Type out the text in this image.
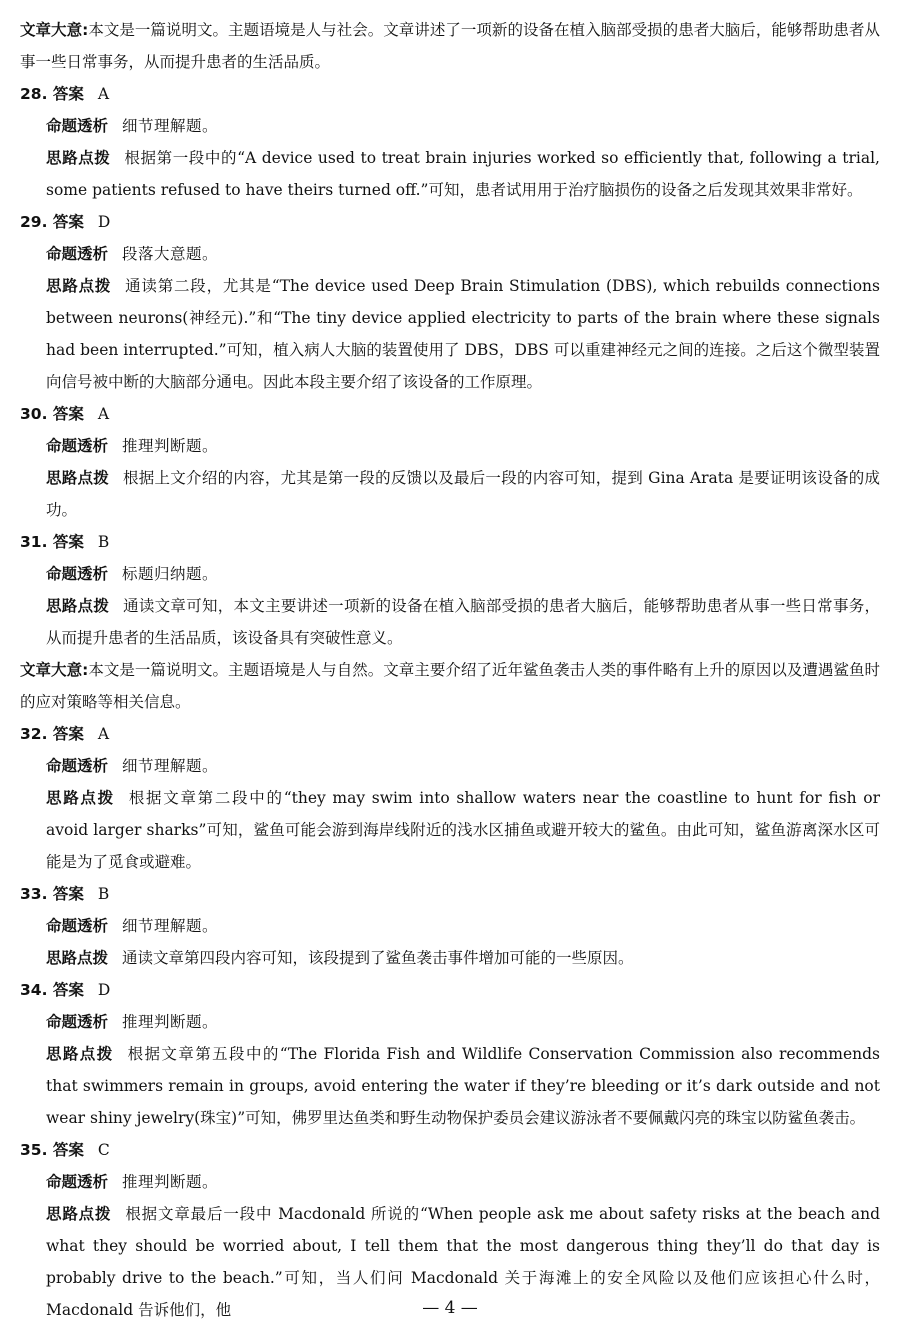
文章大意:本文是一篇说明文。主题语境是人与社会。文章讲述了一项新的设备在植入脑部受损的患者大脑后，能够帮助患者从事一些日常事务，从而提升患者的生活品质。

28. 答案 A

命题透析 细节理解题。

思路点拨 根据第一段中的“A device used to treat brain injuries worked so efficiently that, following a trial, some patients refused to have theirs turned off.”可知，患者试用用于治疗脑损伤的设备之后发现其效果非常好。

29. 答案 D

命题透析 段落大意题。

思路点拨 通读第二段，尤其是“The device used Deep Brain Stimulation (DBS), which rebuilds connections between neurons(神经元).”和“The tiny device applied electricity to parts of the brain where these signals had been interrupted.”可知，植入病人大脑的装置使用了 DBS，DBS 可以重建神经元之间的连接。之后这个微型装置向信号被中断的大脑部分通电。因此本段主要介绍了该设备的工作原理。

30. 答案 A

命题透析 推理判断题。

思路点拨 根据上文介绍的内容，尤其是第一段的反馈以及最后一段的内容可知，提到 Gina Arata 是要证明该设备的成功。

31. 答案 B

命题透析 标题归纳题。

思路点拨 通读文章可知，本文主要讲述一项新的设备在植入脑部受损的患者大脑后，能够帮助患者从事一些日常事务，从而提升患者的生活品质，该设备具有突破性意义。

文章大意:本文是一篇说明文。主题语境是人与自然。文章主要介绍了近年鲨鱼袭击人类的事件略有上升的原因以及遭遇鲨鱼时的应对策略等相关信息。

32. 答案 A

命题透析 细节理解题。

思路点拨 根据文章第二段中的“they may swim into shallow waters near the coastline to hunt for fish or avoid larger sharks”可知，鲨鱼可能会游到海岸线附近的浅水区捕鱼或避开较大的鲨鱼。由此可知，鲨鱼游离深水区可能是为了觅食或避难。

33. 答案 B

命题透析 细节理解题。

思路点拨 通读文章第四段内容可知，该段提到了鲨鱼袭击事件增加可能的一些原因。

34. 答案 D

命题透析 推理判断题。

思路点拨 根据文章第五段中的“The Florida Fish and Wildlife Conservation Commission also recommends that swimmers remain in groups, avoid entering the water if they’re bleeding or it’s dark outside and not wear shiny jewelry(珠宝)”可知，佛罗里达鱼类和野生动物保护委员会建议游泳者不要佩戴闪亮的珠宝以防鲨鱼袭击。

35. 答案 C

命题透析 推理判断题。

思路点拨 根据文章最后一段中 Macdonald 所说的“When people ask me about safety risks at the beach and what they should be worried about, I tell them that the most dangerous thing they’ll do that day is probably drive to the beach.”可知，当人们问 Macdonald 关于海滩上的安全风险以及他们应该担心什么时，Macdonald 告诉他们，他	— 4 —
